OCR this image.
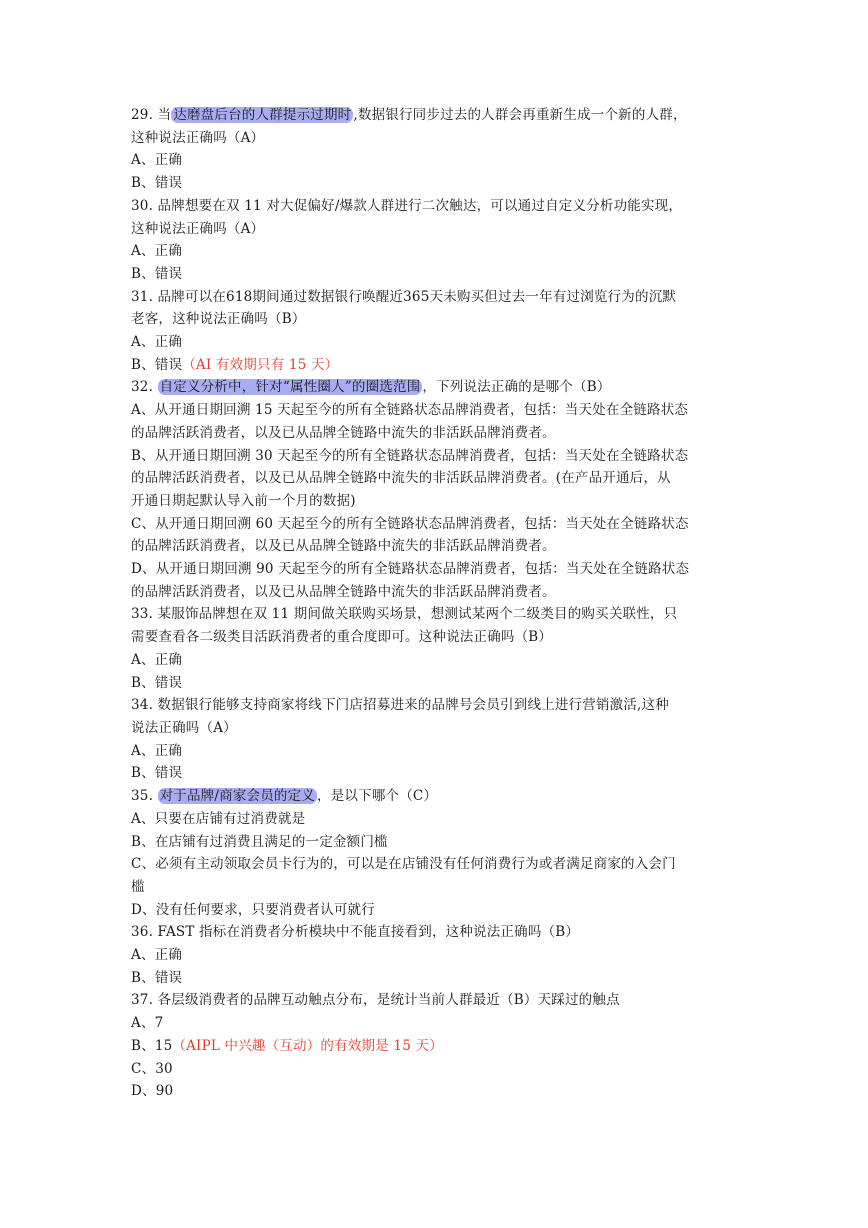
29. 当 达磨盘后台的人群提示过期时 ,数据银行同步过去的人群会再重新生成一个新的人群，
这种说法正确吗（A）
A、正确
B、错误
30. 品牌想要在双 11 对大促偏好/爆款人群进行二次触达，可以通过自定义分析功能实现，
这种说法正确吗（A）
A、正确
B、错误
31. 品牌可以在618期间通过数据银行唤醒近365天未购买但过去一年有过浏览行为的沉默
老客，这种说法正确吗（B）
A、正确
B、错误（AI 有效期只有 15 天）
32. 自定义分析中，针对“属性圈人”的圈选范围 ，下列说法正确的是哪个（B）
A、从开通日期回溯 15 天起至今的所有全链路状态品牌消费者，包括：当天处在全链路状态
的品牌活跃消费者，以及已从品牌全链路中流失的非活跃品牌消费者。
B、从开通日期回溯 30 天起至今的所有全链路状态品牌消费者，包括：当天处在全链路状态
的品牌活跃消费者，以及已从品牌全链路中流失的非活跃品牌消费者。(在产品开通后，从
开通日期起默认导入前一个月的数据)
C、从开通日期回溯 60 天起至今的所有全链路状态品牌消费者，包括：当天处在全链路状态
的品牌活跃消费者，以及已从品牌全链路中流失的非活跃品牌消费者。
D、从开通日期回溯 90 天起至今的所有全链路状态品牌消费者，包括：当天处在全链路状态
的品牌活跃消费者，以及已从品牌全链路中流失的非活跃品牌消费者。
33. 某服饰品牌想在双 11 期间做关联购买场景，想测试某两个二级类目的购买关联性，只
需要查看各二级类目活跃消费者的重合度即可。这种说法正确吗（B）
A、正确
B、错误
34. 数据银行能够支持商家将线下门店招募进来的品牌号会员引到线上进行营销激活,这种
说法正确吗（A）
A、正确
B、错误
35. 对于品牌/商家会员的定义 ，是以下哪个（C）
A、只要在店铺有过消费就是
B、在店铺有过消费且满足的一定金额门槛
C、必须有主动领取会员卡行为的，可以是在店铺没有任何消费行为或者满足商家的入会门
槛
D、没有任何要求，只要消费者认可就行
36. FAST 指标在消费者分析模块中不能直接看到，这种说法正确吗（B）
A、正确
B、错误
37. 各层级消费者的品牌互动触点分布，是统计当前人群最近（B）天踩过的触点
A、7
B、15（AIPL 中兴趣（互动）的有效期是 15 天）
C、30
D、90
